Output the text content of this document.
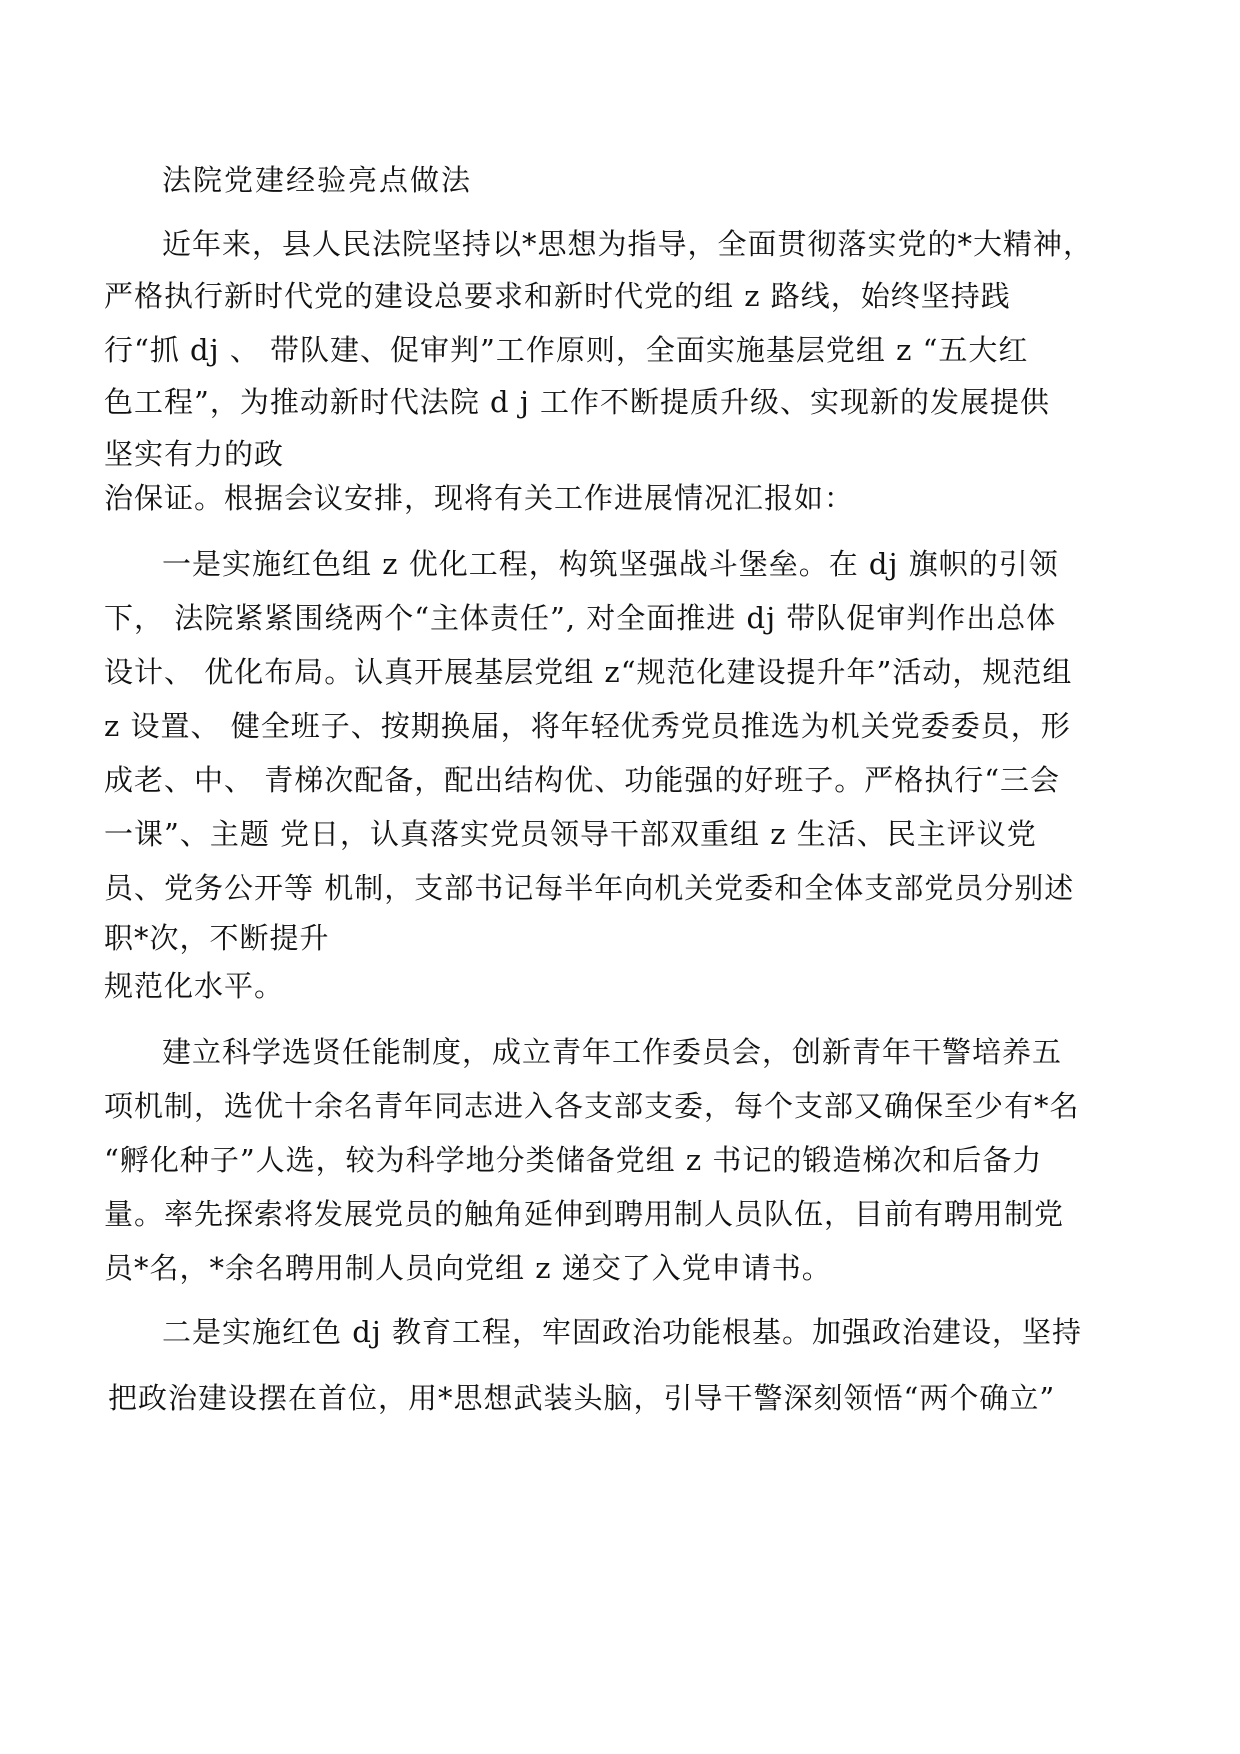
法院党建经验亮点做法

近年来，县人民法院坚持以*思想为指导，全面贯彻落实党的*大精神，

严格执行新时代党的建设总要求和新时代党的组 z 路线，始终坚持践

行“抓 dj 、 带队建、促审判”工作原则，全面实施基层党组 z “五大红

色工程”，为推动新时代法院 d j 工作不断提质升级、实现新的发展提供

坚实有力的政

治保证。根据会议安排，现将有关工作进展情况汇报如：

一是实施红色组 z 优化工程，构筑坚强战斗堡垒。在 dj 旗帜的引领

下， 法院紧紧围绕两个“主体责任”, 对全面推进 dj 带队促审判作出总体

设计、 优化布局。认真开展基层党组 z“规范化建设提升年”活动，规范组

z 设置、 健全班子、按期换届，将年轻优秀党员推选为机关党委委员，形

成老、中、 青梯次配备，配出结构优、功能强的好班子。严格执行“三会

一课”、主题 党日，认真落实党员领导干部双重组 z 生活、民主评议党

员、党务公开等 机制，支部书记每半年向机关党委和全体支部党员分别述

职*次，不断提升

规范化水平。

建立科学选贤任能制度，成立青年工作委员会，创新青年干警培养五

项机制，选优十余名青年同志进入各支部支委，每个支部又确保至少有*名

“孵化种子”人选，较为科学地分类储备党组 z 书记的锻造梯次和后备力

量。率先探索将发展党员的触角延伸到聘用制人员队伍，目前有聘用制党

员*名，*余名聘用制人员向党组 z 递交了入党申请书。

二是实施红色 dj 教育工程，牢固政治功能根基。加强政治建设，坚持

把政治建设摆在首位，用*思想武装头脑，引导干警深刻领悟“两个确立”
